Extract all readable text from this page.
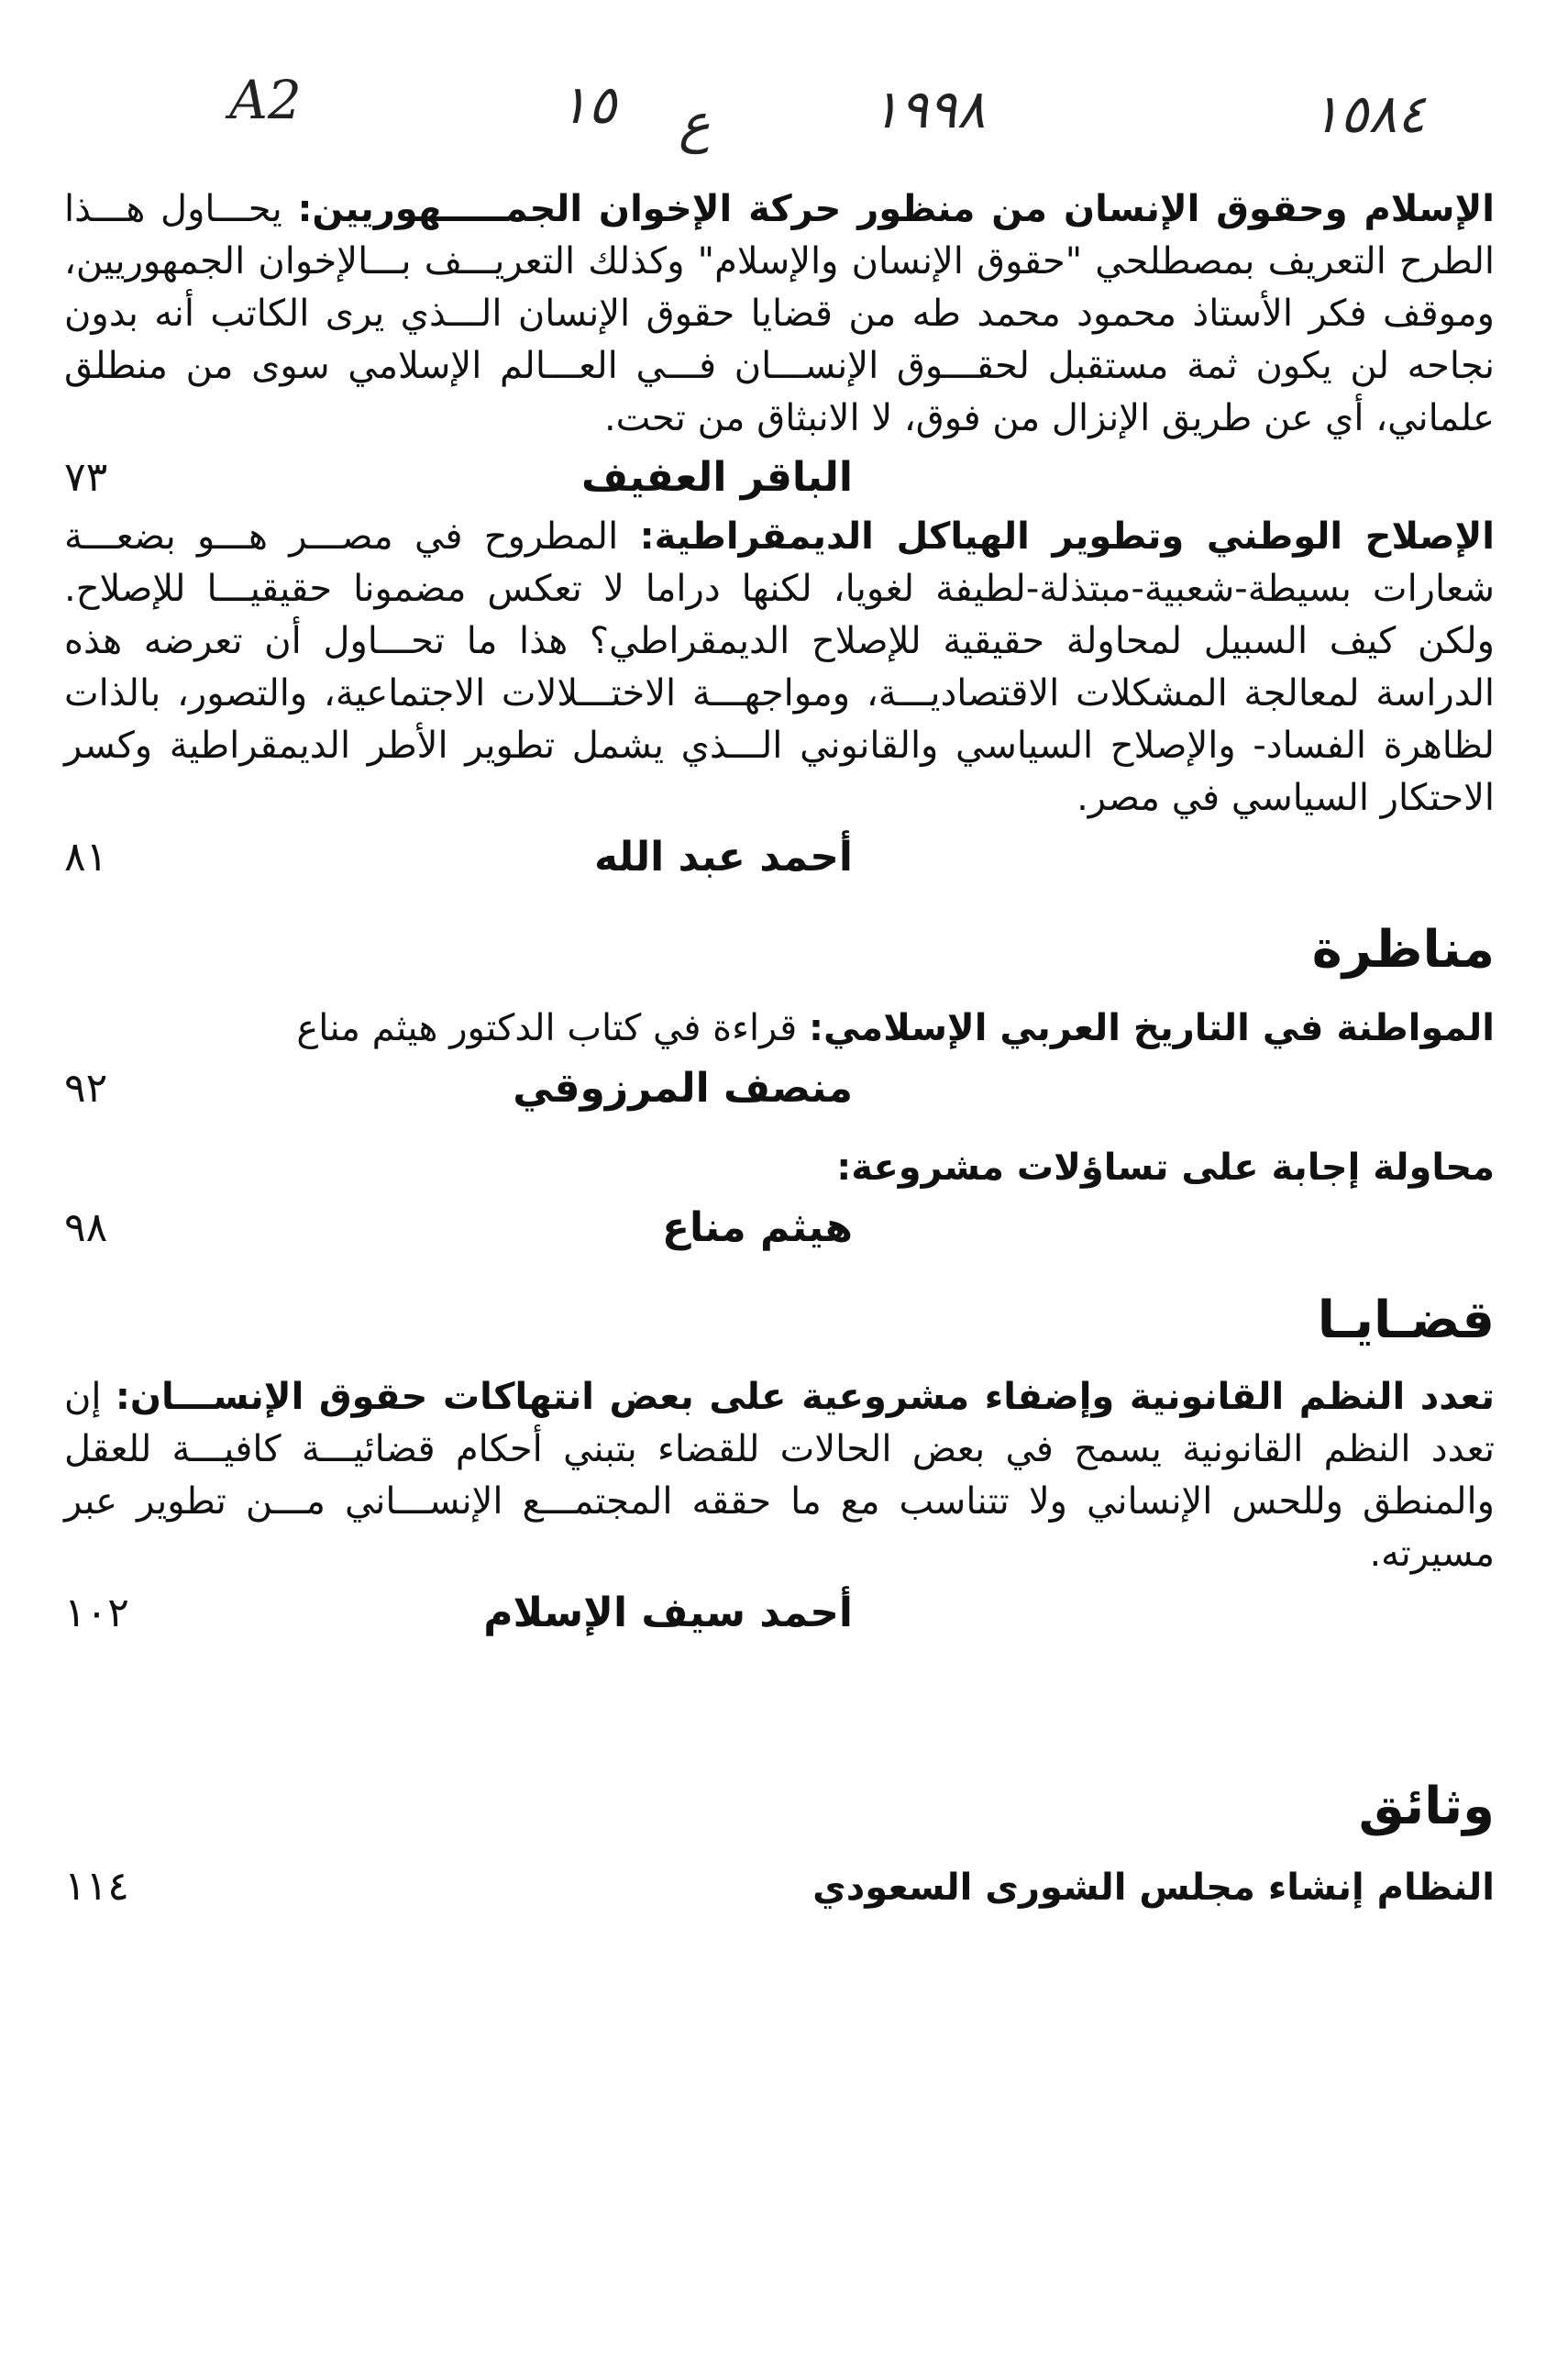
A2	١٥ ع	١٩٩٨	١٥٨٤

الإسلام وحقوق الإنسان من منظور حركة الإخوان الجمـــــهوريين: يحـــاول هـــذا الطرح التعريف بمصطلحي "حقوق الإنسان والإسلام" وكذلك التعريـــف بـــالإخوان الجمهوريين، وموقف فكر الأستاذ محمود محمد طه من قضايا حقوق الإنسان الـــذي يرى الكاتب أنه بدون نجاحه لن يكون ثمة مستقبل لحقـــوق الإنســـان فـــي العـــالم الإسلامي سوى من منطلق علماني، أي عن طريق الإنزال من فوق، لا الانبثاق من تحت.

الباقر العفيف
٧٣

الإصلاح الوطني وتطوير الهياكل الديمقراطية: المطروح في مصـــر هـــو بضعـــة شعارات بسيطة-شعبية-مبتذلة-لطيفة لغويا، لكنها دراما لا تعكس مضمونا حقيقيـــا للإصلاح. ولكن كيف السبيل لمحاولة حقيقية للإصلاح الديمقراطي؟ هذا ما تحـــاول أن تعرضه هذه الدراسة لمعالجة المشكلات الاقتصاديـــة، ومواجهـــة الاختـــلالات الاجتماعية، والتصور، بالذات لظاهرة الفساد- والإصلاح السياسي والقانوني الـــذي يشمل تطوير الأطر الديمقراطية وكسر الاحتكار السياسي في مصر.

أحمد عبد الله
٨١
مناظرة

المواطنة في التاريخ العربي الإسلامي: قراءة في كتاب الدكتور هيثم مناع

منصف المرزوقي
٩٢

محاولة إجابة على تساؤلات مشروعة:

هيثم مناع
٩٨
قضـايـا

تعدد النظم القانونية وإضفاء مشروعية على بعض انتهاكات حقوق الإنســـان: إن تعدد النظم القانونية يسمح في بعض الحالات للقضاء بتبني أحكام قضائيـــة كافيـــة للعقل والمنطق وللحس الإنساني ولا تتناسب مع ما حققه المجتمـــع الإنســـاني مـــن تطوير عبر مسيرته.

أحمد سيف الإسلام
١٠٢
وثائق
النظام إنشاء مجلس الشورى السعودي
١١٤
